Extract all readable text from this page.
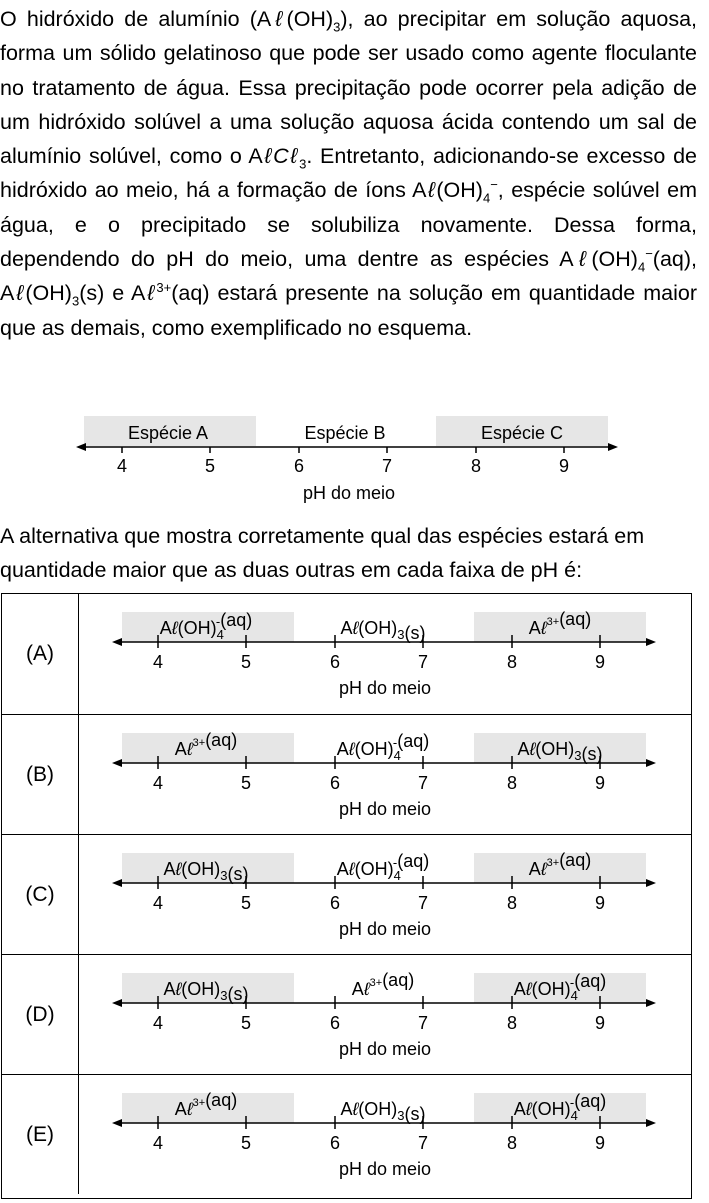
O hidróxido de alumínio $(A\ell(OH)_3)$, ao precipitar em solução aquosa, forma um sólido gelatinoso que pode ser usado como agente floculante no tratamento de água. Essa precipitação pode ocorrer pela adição de um hidróxido solúvel a uma solução aquosa ácida contendo um sal de alumínio solúvel, como o AℓCℓ$_3$. Entretanto, adicionando-se excesso de hidróxido ao meio, há a formação de íons $A\ell(OH)_4^-$, espécie solúvel em água, e o precipitado se solubiliza novamente. Dessa forma, dependendo do pH do meio, uma dentre as espécies $A\ell(OH)_4^-(aq)$, $A\ell(OH)_3(s)$ e Aℓ$^{3+}$(aq) estará presente na solução em quantidade maior que as demais, como exemplificado no esquema.

Espécie A	Espécie B	Espécie C
4	5	6	7	8	9
pH do meio

A alternativa que mostra corretamente qual das espécies estará em quantidade maior que as duas outras em cada faixa de pH é:

(A)	4	5	6	7	8	9
pH do meio
$A\ell(OH)_4-(aq)$	$A\ell(OH)_3(s)$	Aℓ$^{3+}$(aq)
(B)	4	5	6	7	8	9
pH do meio
Aℓ$^{3+}$(aq)	$A\ell(OH)_4-(aq)$	$A\ell(OH)_3(s)$
(C)	4	5	6	7	8	9
pH do meio
$A\ell(OH)_3(s)$	$A\ell(OH)_4-(aq)$	Aℓ$^{3+}$(aq)
(D)	4	5	6	7	8	9
pH do meio
$A\ell(OH)_3(s)$	Aℓ$^{3+}$(aq)	$A\ell(OH)_4-(aq)$
(E)	4	5	6	7	8	9
pH do meio
Aℓ$^{3+}$(aq)	$A\ell(OH)_3(s)$	$A\ell(OH)_4-(aq)$
